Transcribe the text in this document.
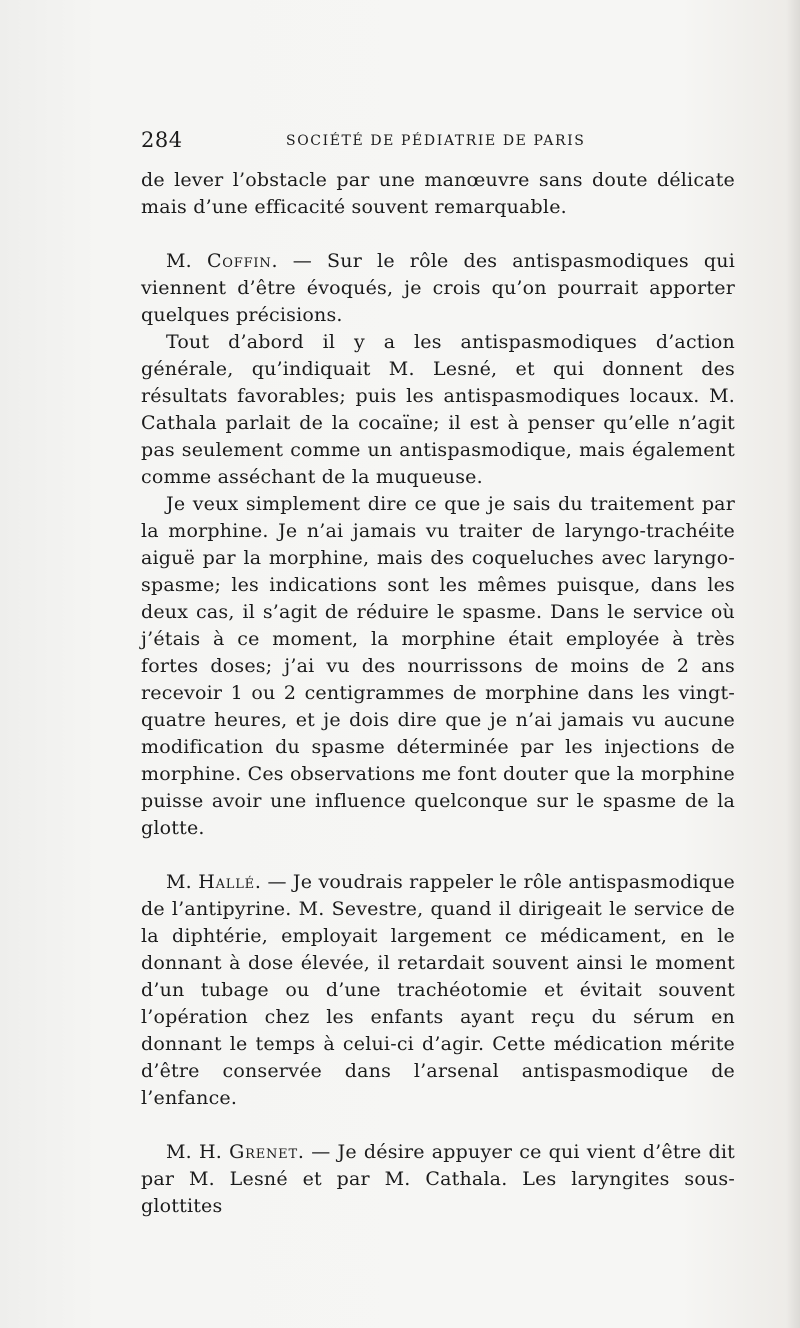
284	SOCIÉTÉ DE PÉDIATRIE DE PARIS

de lever l’obstacle par une manœuvre sans doute délicate mais d’une efficacité souvent remarquable.

M. Coffin. — Sur le rôle des antispasmodiques qui viennent d’être évoqués, je crois qu’on pourrait apporter quelques précisions.

Tout d’abord il y a les antispasmodiques d’action générale, qu’indiquait M. Lesné, et qui donnent des résultats favorables; puis les antispasmodiques locaux. M. Cathala parlait de la cocaïne; il est à penser qu’elle n’agit pas seulement comme un antispasmodique, mais également comme asséchant de la muqueuse.

Je veux simplement dire ce que je sais du traitement par la morphine. Je n’ai jamais vu traiter de laryngo-trachéite aiguë par la morphine, mais des coqueluches avec laryngo-spasme; les indications sont les mêmes puisque, dans les deux cas, il s’agit de réduire le spasme. Dans le service où j’étais à ce moment, la morphine était employée à très fortes doses; j’ai vu des nourrissons de moins de 2 ans recevoir 1 ou 2 centigrammes de morphine dans les vingt-quatre heures, et je dois dire que je n’ai jamais vu aucune modification du spasme déterminée par les injections de morphine. Ces observations me font douter que la morphine puisse avoir une influence quelconque sur le spasme de la glotte.

M. Hallé. — Je voudrais rappeler le rôle antispasmodique de l’antipyrine. M. Sevestre, quand il dirigeait le service de la diphtérie, employait largement ce médicament, en le donnant à dose élevée, il retardait souvent ainsi le moment d’un tubage ou d’une trachéotomie et évitait souvent l’opération chez les enfants ayant reçu du sérum en donnant le temps à celui-ci d’agir. Cette médication mérite d’être conservée dans l’arsenal antispasmodique de l’enfance.

M. H. Grenet. — Je désire appuyer ce qui vient d’être dit par M. Lesné et par M. Cathala. Les laryngites sous-glottites
